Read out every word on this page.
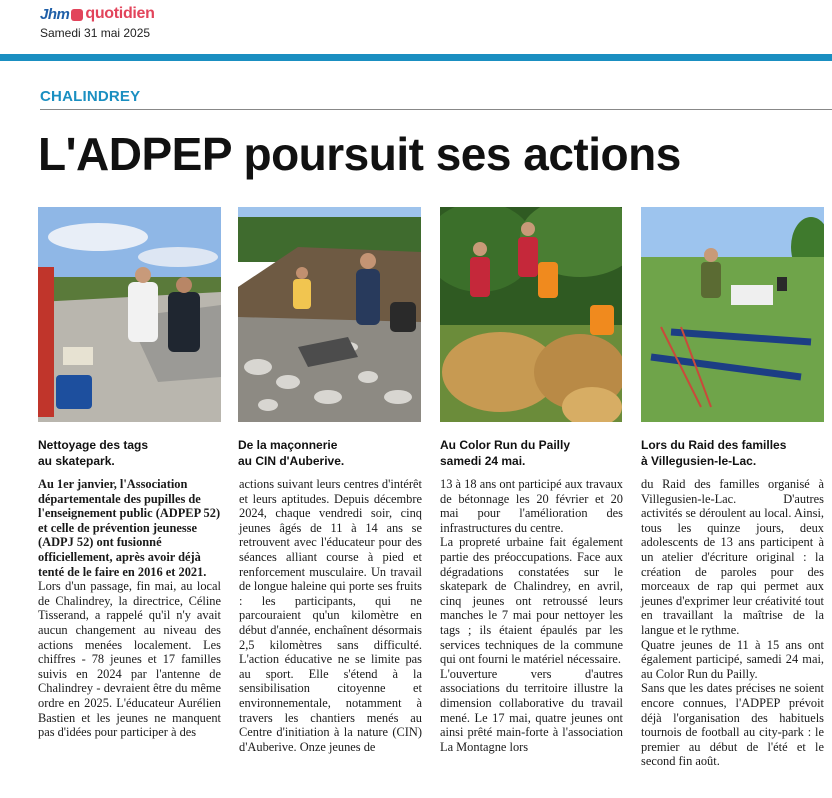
Jhm quotidien
Samedi 31 mai 2025
CHALINDREY
L'ADPEP poursuit ses actions
Nettoyage des tags
au skatepark.
De la maçonnerie
au CIN d'Auberive.
Au Color Run du Pailly
samedi 24 mai.
Lors du Raid des familles
à Villegusien-le-Lac.

Au 1er janvier, l'Association départementale des pupilles de l'enseignement public (ADPEP 52) et celle de prévention jeunesse (ADPJ 52) ont fusionné officiellement, après avoir déjà tenté de le faire en 2016 et 2021.

Lors d'un passage, fin mai, au local de Chalindrey, la directrice, Céline Tisserand, a rappelé qu'il n'y avait aucun changement au niveau des actions menées localement. Les chiffres - 78 jeunes et 17 familles suivis en 2024 par l'antenne de Chalindrey - devraient être du même ordre en 2025. L'éducateur Aurélien Bastien et les jeunes ne manquent pas d'idées pour participer à des

actions suivant leurs centres d'intérêt et leurs aptitudes. Depuis décembre 2024, chaque vendredi soir, cinq jeunes âgés de 11 à 14 ans se retrouvent avec l'éducateur pour des séances alliant course à pied et renforcement musculaire. Un travail de longue haleine qui porte ses fruits : les participants, qui ne parcouraient qu'un kilomètre en début d'année, enchaînent désormais 2,5 kilomètres sans difficulté. L'action éducative ne se limite pas au sport. Elle s'étend à la sensibilisation citoyenne et environnementale, notamment à travers les chantiers menés au Centre d'initiation à la nature (CIN) d'Auberive. Onze jeunes de

13 à 18 ans ont participé aux travaux de bétonnage les 20 février et 20 mai pour l'amélioration des infrastructures du centre.

La propreté urbaine fait également partie des préoccupations. Face aux dégradations constatées sur le skatepark de Chalindrey, en avril, cinq jeunes ont retroussé leurs manches le 7 mai pour nettoyer les tags ; ils étaient épaulés par les services techniques de la commune qui ont fourni le matériel nécessaire.

L'ouverture vers d'autres associations du territoire illustre la dimension collaborative du travail mené. Le 17 mai, quatre jeunes ont ainsi prêté main-forte à l'association La Montagne lors

du Raid des familles organisé à Villegusien-le-Lac. D'autres activités se déroulent au local. Ainsi, tous les quinze jours, deux adolescents de 13 ans participent à un atelier d'écriture original : la création de paroles pour des morceaux de rap qui permet aux jeunes d'exprimer leur créativité tout en travaillant la maîtrise de la langue et le rythme.

Quatre jeunes de 11 à 15 ans ont également participé, samedi 24 mai, au Color Run du Pailly.

Sans que les dates précises ne soient encore connues, l'ADPEP prévoit déjà l'organisation des habituels tournois de football au city-park : le premier au début de l'été et le second fin août.
